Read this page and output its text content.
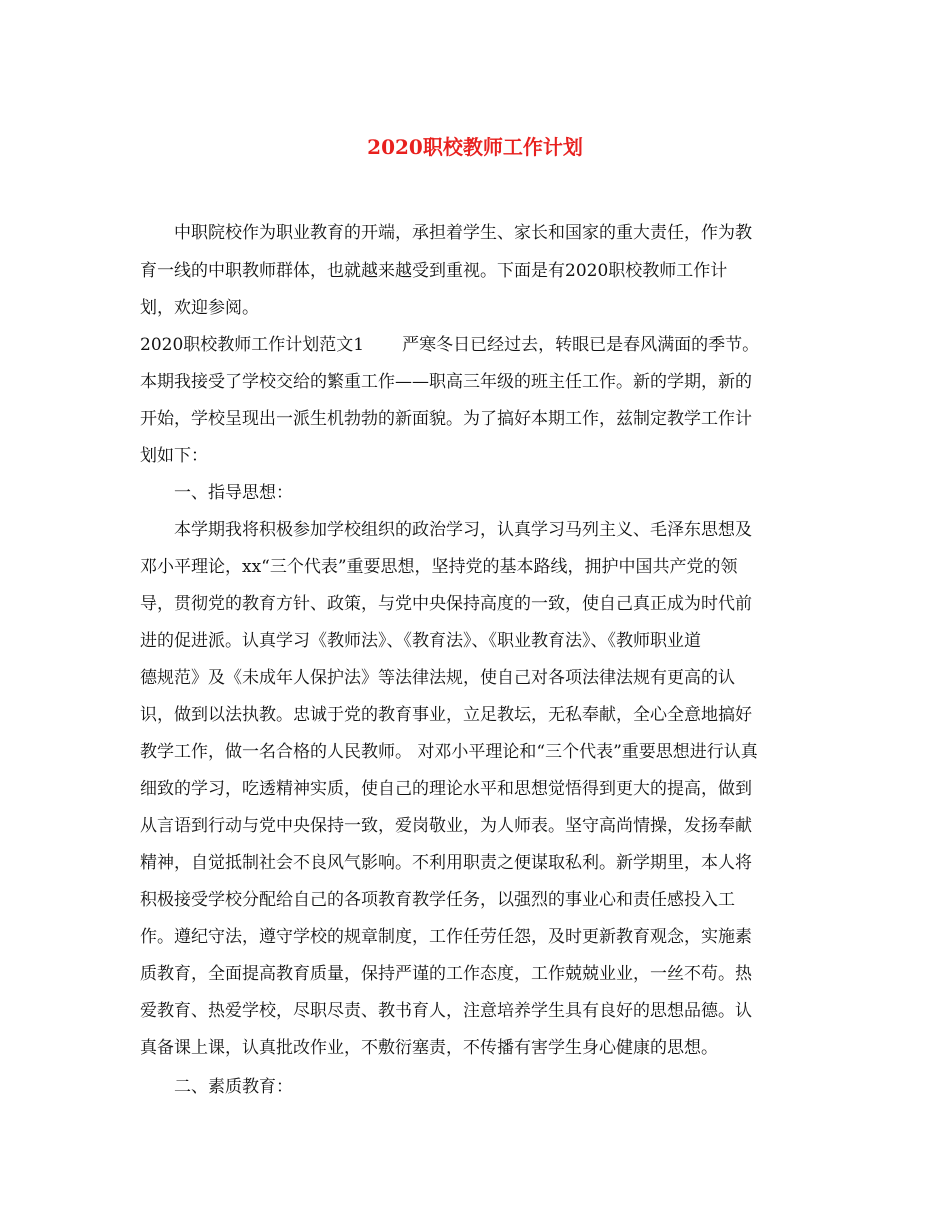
2020职校教师工作计划

中职院校作为职业教育的开端，承担着学生、家长和国家的重大责任，作为教

育一线的中职教师群体，也就越来越受到重视。下面是有2020职校教师工作计

划，欢迎参阅。

2020职校教师工作计划范文1 严寒冬日已经过去，转眼已是春风满面的季节。

本期我接受了学校交给的繁重工作——职高三年级的班主任工作。新的学期，新的

开始，学校呈现出一派生机勃勃的新面貌。为了搞好本期工作，兹制定教学工作计

划如下：

一、指导思想：

本学期我将积极参加学校组织的政治学习，认真学习马列主义、毛泽东思想及

邓小平理论，xx“三个代表”重要思想，坚持党的基本路线，拥护中国共产党的领

导，贯彻党的教育方针、政策，与党中央保持高度的一致，使自己真正成为时代前

进的促进派。认真学习《教师法》、《教育法》、《职业教育法》、《教师职业道

德规范》及《未成年人保护法》等法律法规，使自己对各项法律法规有更高的认

识，做到以法执教。忠诚于党的教育事业，立足教坛，无私奉献，全心全意地搞好

教学工作，做一名合格的人民教师。 对邓小平理论和“三个代表”重要思想进行认真

细致的学习，吃透精神实质，使自己的理论水平和思想觉悟得到更大的提高，做到

从言语到行动与党中央保持一致，爱岗敬业，为人师表。坚守高尚情操，发扬奉献

精神，自觉抵制社会不良风气影响。不利用职责之便谋取私利。新学期里，本人将

积极接受学校分配给自己的各项教育教学任务，以强烈的事业心和责任感投入工

作。遵纪守法，遵守学校的规章制度，工作任劳任怨，及时更新教育观念，实施素

质教育，全面提高教育质量，保持严谨的工作态度，工作兢兢业业，一丝不苟。热

爱教育、热爱学校，尽职尽责、教书育人，注意培养学生具有良好的思想品德。认

真备课上课，认真批改作业，不敷衍塞责，不传播有害学生身心健康的思想。

二、素质教育：
